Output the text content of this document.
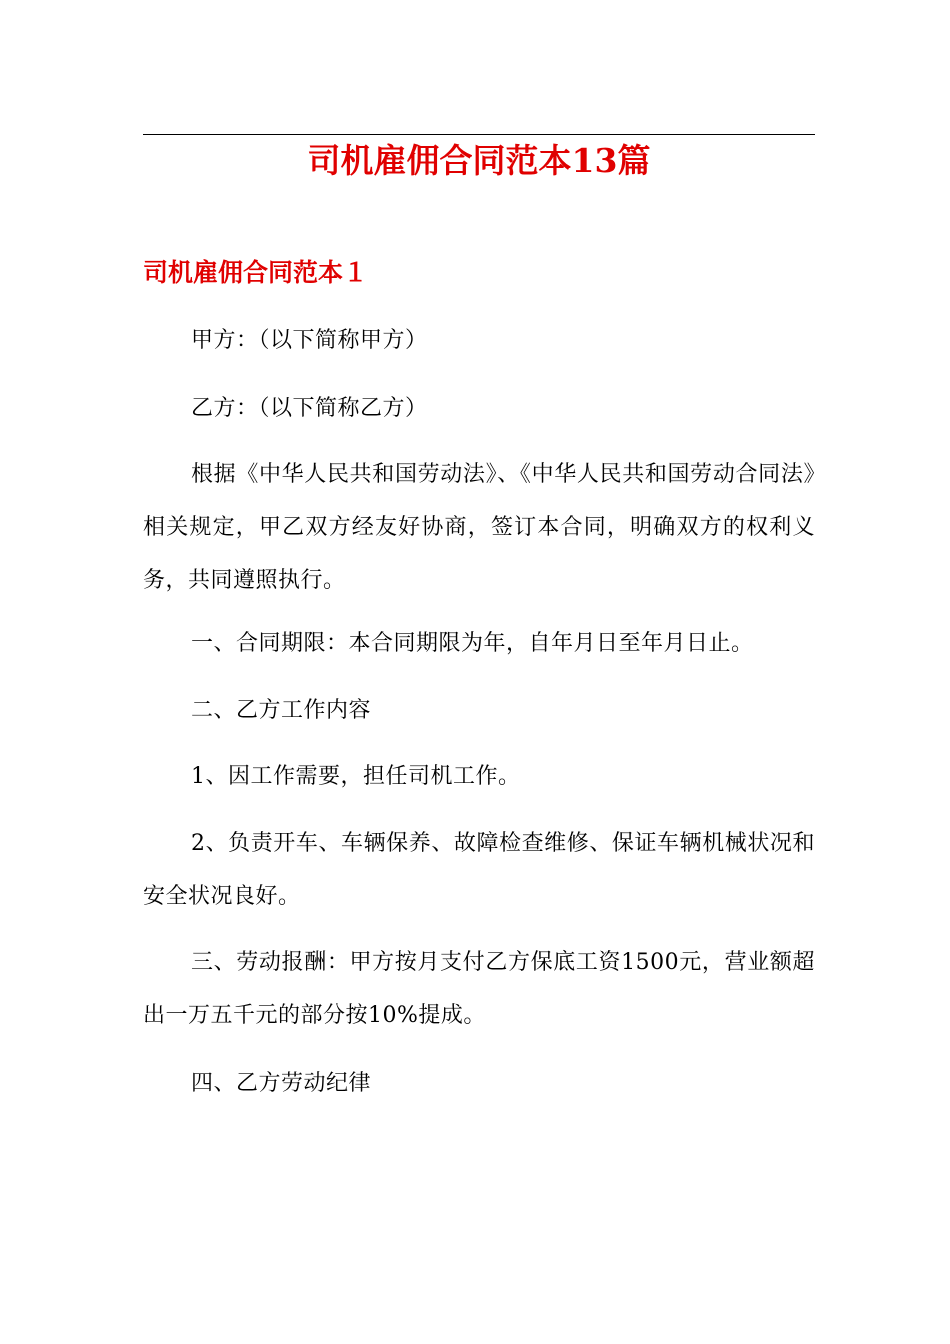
司机雇佣合同范本13篇
司机雇佣合同范本１

甲方：（以下简称甲方）

乙方：（以下简称乙方）

根据《中华人民共和国劳动法》、《中华人民共和国劳动合同法》相关规定，甲乙双方经友好协商，签订本合同，明确双方的权利义务，共同遵照执行。

一、合同期限：本合同期限为年，自年月日至年月日止。

二、乙方工作内容

1、因工作需要，担任司机工作。

2、负责开车、车辆保养、故障检查维修、保证车辆机械状况和安全状况良好。

三、劳动报酬：甲方按月支付乙方保底工资1500元，营业额超出一万五千元的部分按10%提成。

四、乙方劳动纪律
